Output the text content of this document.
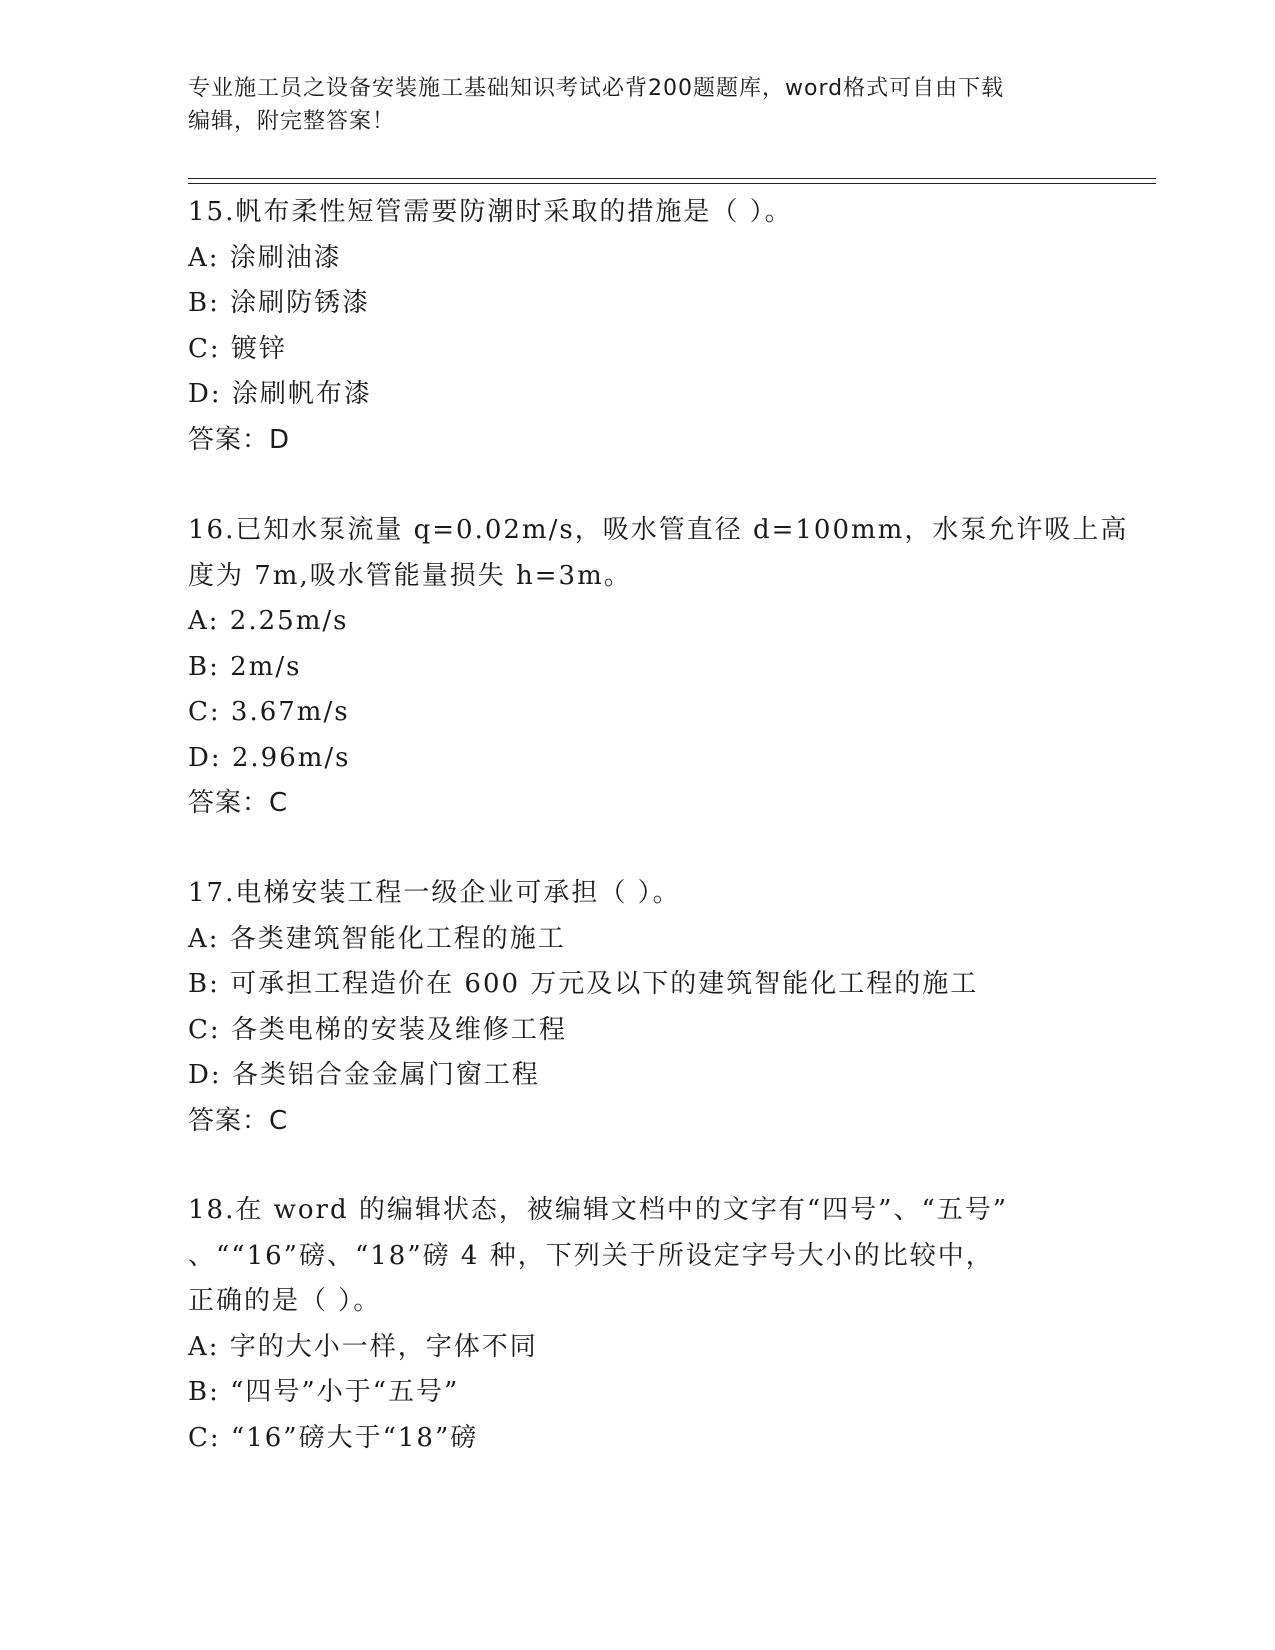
专业施工员之设备安装施工基础知识考试必背200题题库，word格式可自由下载
编辑，附完整答案！
15.帆布柔性短管需要防潮时采取的措施是（ ）。
A: 涂刷油漆
B: 涂刷防锈漆
C: 镀锌
D: 涂刷帆布漆
答案：D
16.已知水泵流量 q=0.02m/s，吸水管直径 d=100mm，水泵允许吸上高
度为 7m,吸水管能量损失 h=3m。
A: 2.25m/s
B: 2m/s
C: 3.67m/s
D: 2.96m/s
答案：C
17.电梯安装工程一级企业可承担（ ）。
A: 各类建筑智能化工程的施工
B: 可承担工程造价在 600 万元及以下的建筑智能化工程的施工
C: 各类电梯的安装及维修工程
D: 各类铝合金金属门窗工程
答案：C
18.在 word 的编辑状态，被编辑文档中的文字有“四号”、“五号”
、““16”磅、“18”磅 4 种，下列关于所设定字号大小的比较中，
正确的是（ ）。
A: 字的大小一样，字体不同
B: “四号”小于“五号”
C: “16”磅大于“18”磅
